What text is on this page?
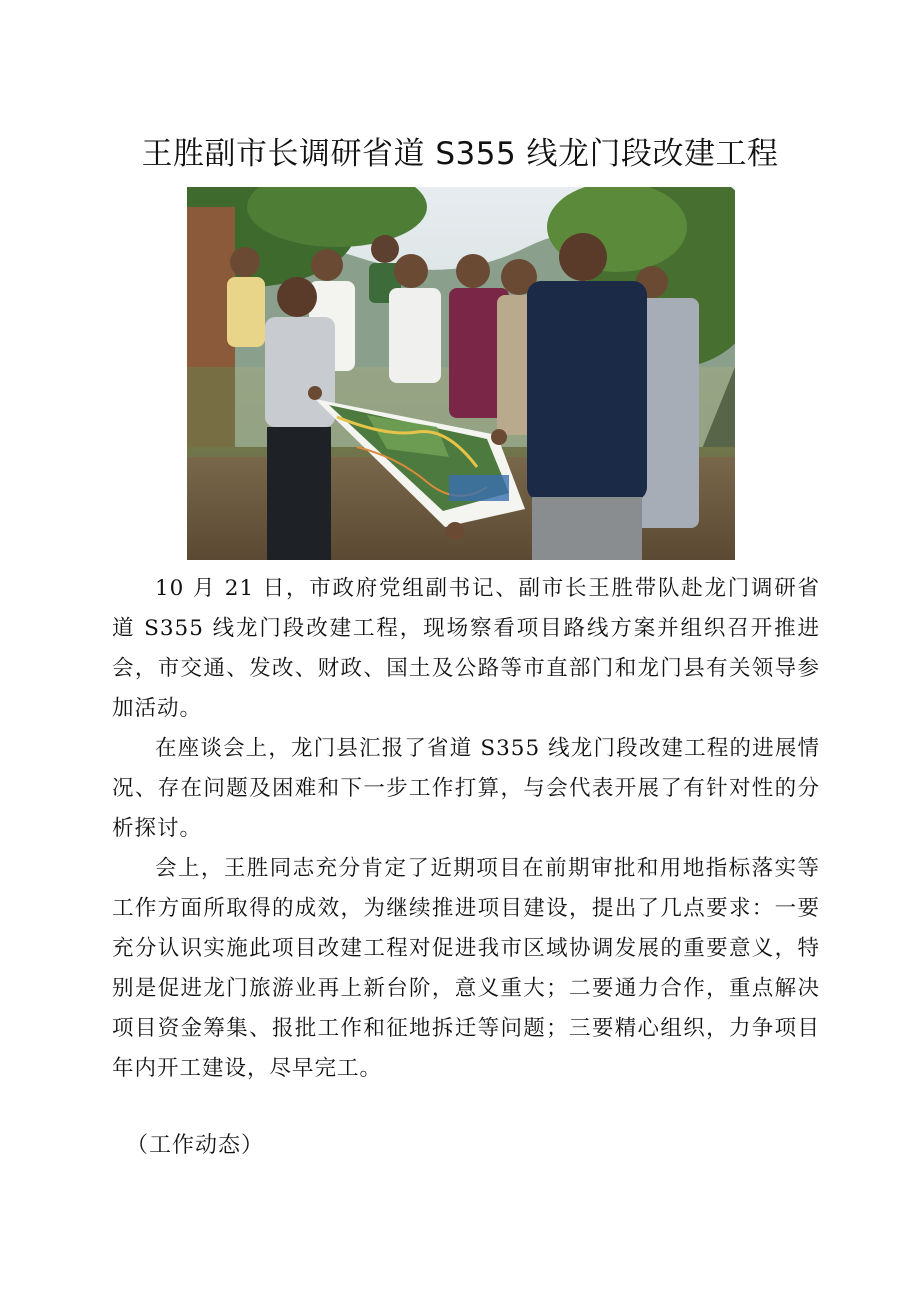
王胜副市长调研省道 S355 线龙门段改建工程

10 月 21 日，市政府党组副书记、副市长王胜带队赴龙门调研省道 S355 线龙门段改建工程，现场察看项目路线方案并组织召开推进会，市交通、发改、财政、国土及公路等市直部门和龙门县有关领导参加活动。

在座谈会上，龙门县汇报了省道 S355 线龙门段改建工程的进展情况、存在问题及困难和下一步工作打算，与会代表开展了有针对性的分析探讨。

会上，王胜同志充分肯定了近期项目在前期审批和用地指标落实等工作方面所取得的成效，为继续推进项目建设，提出了几点要求：一要充分认识实施此项目改建工程对促进我市区域协调发展的重要意义，特别是促进龙门旅游业再上新台阶，意义重大；二要通力合作，重点解决项目资金筹集、报批工作和征地拆迁等问题；三要精心组织，力争项目年内开工建设，尽早完工。

（工作动态）
